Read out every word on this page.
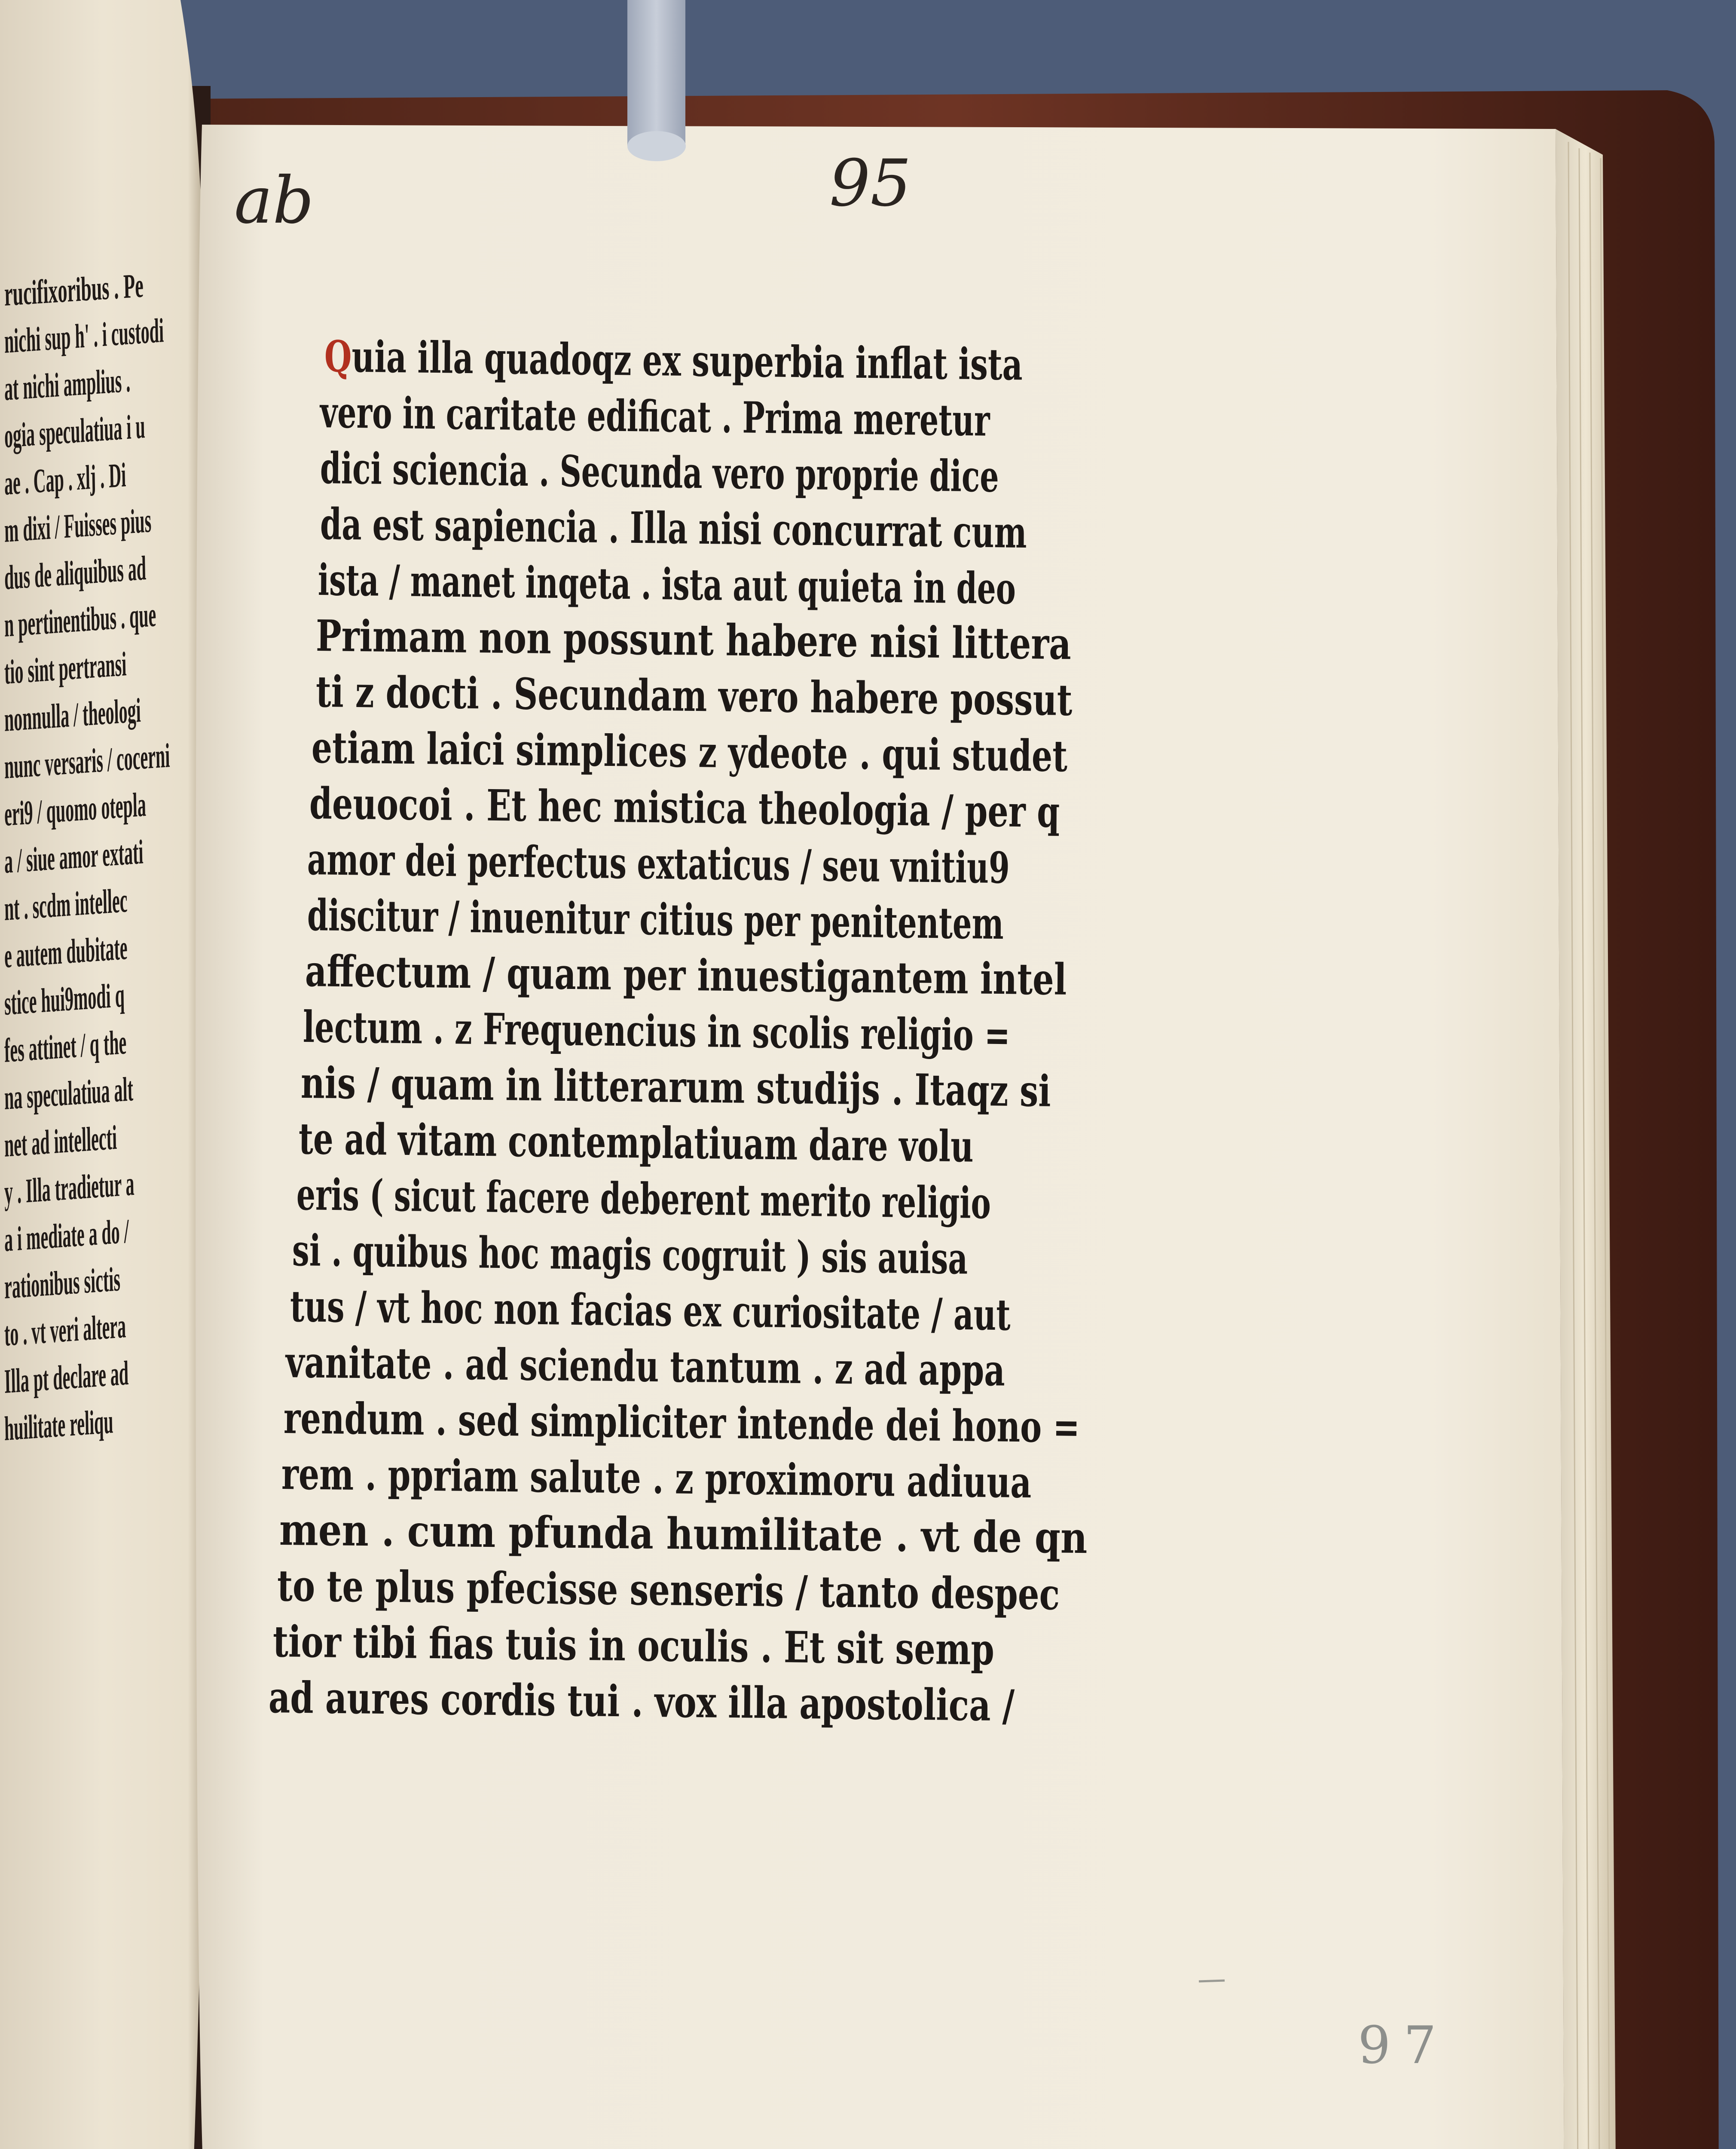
rucifixoribus . Pe
nichi sup h' . i custodi
at nichi amplius .
ogia speculatiua i u
ae . Cap . xlj . Di
m dixi / Fuisses pius
dus de aliquibus ad
n pertinentibus . que
tio sint pertransi
nonnulla / theologi
nunc versaris / cocerni
eri9 / quomo otepla
a / siue amor extati
nt . scdm intellec
e autem dubitate
stice hui9modi q
fes attinet / q the
na speculatiua alt
net ad intellecti
y . Illa tradietur a
a i mediate a do /
rationibus sictis
to . vt veri altera
Illa pt declare ad
huilitate reliqu
ab	95
97
Quia illa quadoqz ex superbia inflat ista
vero in caritate edificat . Prima meretur
dici sciencia . Secunda vero proprie dice
da est sapiencia . Illa nisi concurrat cum
ista / manet inqeta . ista aut quieta in deo
Primam non possunt habere nisi littera
ti z docti . Secundam vero habere possut
etiam laici simplices z ydeote . qui studet
deuocoi . Et hec mistica theologia / per q
amor dei perfectus extaticus / seu vnitiu9
discitur / inuenitur citius per penitentem
affectum / quam per inuestigantem intel
lectum . z Frequencius in scolis religio =
nis / quam in litterarum studijs . Itaqz si
te ad vitam contemplatiuam dare volu
eris ( sicut facere deberent merito religio
si . quibus hoc magis cogruit ) sis auisa
tus / vt hoc non facias ex curiositate / aut
vanitate . ad sciendu tantum . z ad appa
rendum . sed simpliciter intende dei hono =
rem . ppriam salute . z proximoru adiuua
men . cum pfunda humilitate . vt de qn
to te plus pfecisse senseris / tanto despec
tior tibi fias tuis in oculis . Et sit semp
ad aures cordis tui . vox illa apostolica /
